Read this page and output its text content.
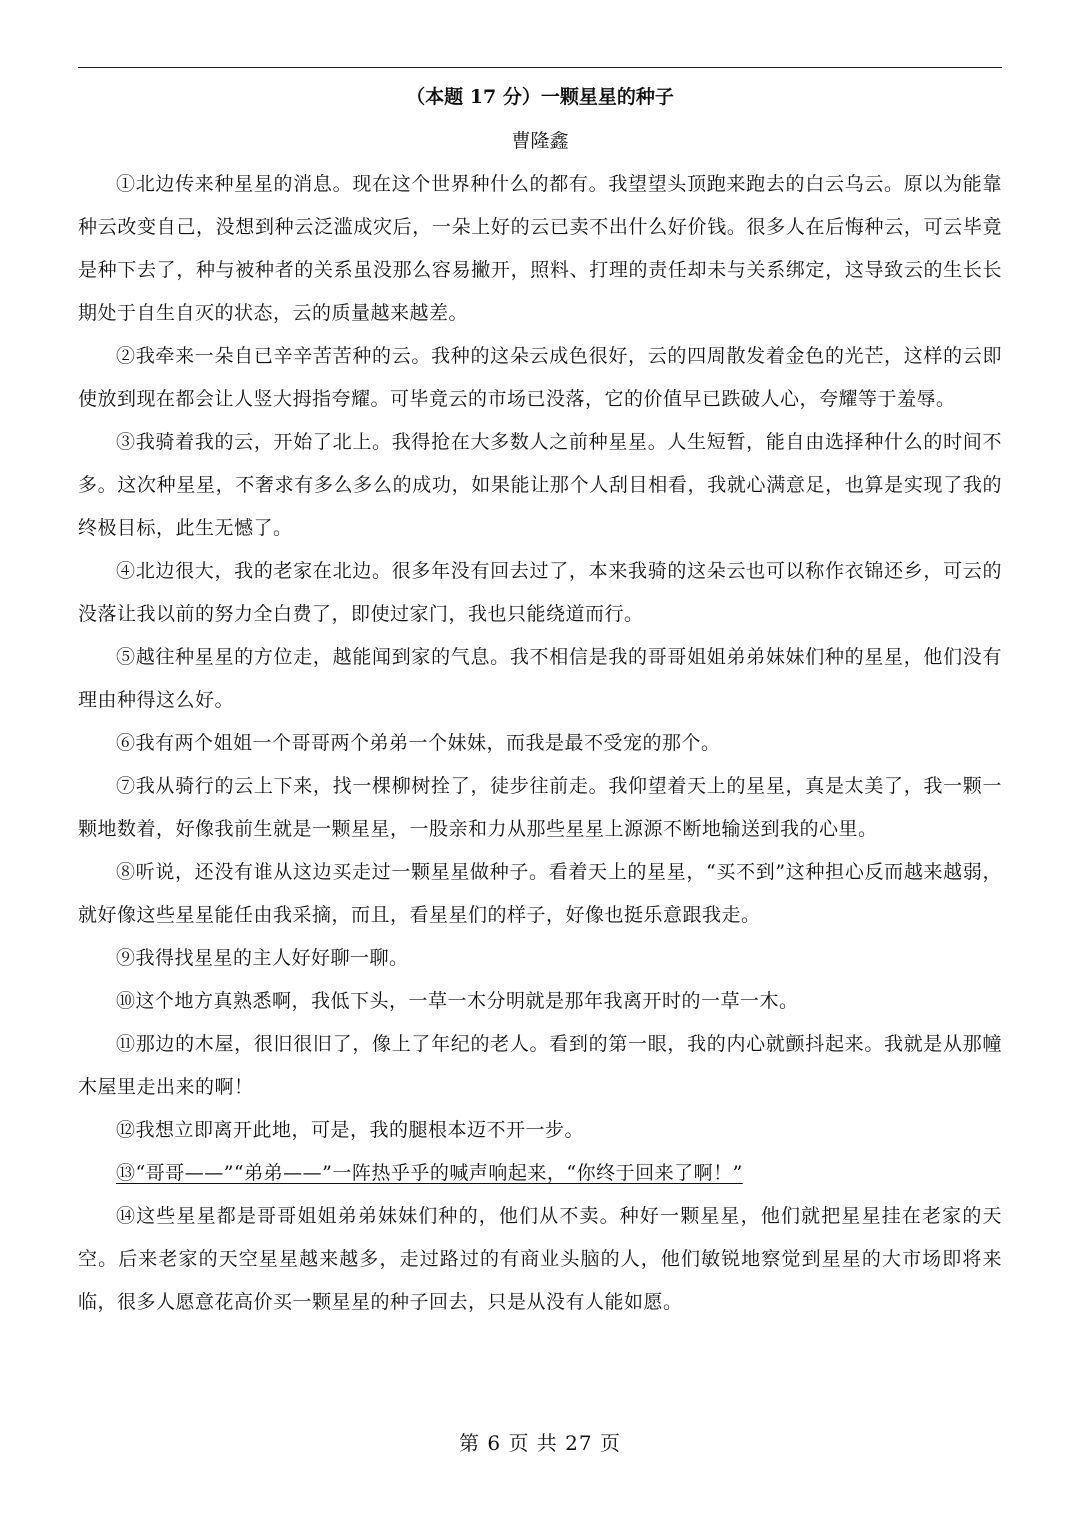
（本题 17 分）一颗星星的种子
曹隆鑫

①北边传来种星星的消息。现在这个世界种什么的都有。我望望头顶跑来跑去的白云乌云。原以为能靠种云改变自己，没想到种云泛滥成灾后，一朵上好的云已卖不出什么好价钱。很多人在后悔种云，可云毕竟是种下去了，种与被种者的关系虽没那么容易撇开，照料、打理的责任却未与关系绑定，这导致云的生长长期处于自生自灭的状态，云的质量越来越差。

②我牵来一朵自已辛辛苦苦种的云。我种的这朵云成色很好，云的四周散发着金色的光芒，这样的云即使放到现在都会让人竖大拇指夸耀。可毕竟云的市场已没落，它的价值早已跌破人心，夸耀等于羞辱。

③我骑着我的云，开始了北上。我得抢在大多数人之前种星星。人生短暂，能自由选择种什么的时间不多。这次种星星，不奢求有多么多么的成功，如果能让那个人刮目相看，我就心满意足，也算是实现了我的终极目标，此生无憾了。

④北边很大，我的老家在北边。很多年没有回去过了，本来我骑的这朵云也可以称作衣锦还乡，可云的没落让我以前的努力全白费了，即使过家门，我也只能绕道而行。

⑤越往种星星的方位走，越能闻到家的气息。我不相信是我的哥哥姐姐弟弟妹妹们种的星星，他们没有理由种得这么好。

⑥我有两个姐姐一个哥哥两个弟弟一个妹妹，而我是最不受宠的那个。

⑦我从骑行的云上下来，找一棵柳树拴了，徒步往前走。我仰望着天上的星星，真是太美了，我一颗一颗地数着，好像我前生就是一颗星星，一股亲和力从那些星星上源源不断地输送到我的心里。

⑧听说，还没有谁从这边买走过一颗星星做种子。看着天上的星星，“买不到”这种担心反而越来越弱，就好像这些星星能任由我采摘，而且，看星星们的样子，好像也挺乐意跟我走。

⑨我得找星星的主人好好聊一聊。

⑩这个地方真熟悉啊，我低下头，一草一木分明就是那年我离开时的一草一木。

⑪那边的木屋，很旧很旧了，像上了年纪的老人。看到的第一眼，我的内心就颤抖起来。我就是从那幢木屋里走出来的啊！

⑫我想立即离开此地，可是，我的腿根本迈不开一步。

⑬“哥哥——”“弟弟——”一阵热乎乎的喊声响起来，“你终于回来了啊！”

⑭这些星星都是哥哥姐姐弟弟妹妹们种的，他们从不卖。种好一颗星星，他们就把星星挂在老家的天空。后来老家的天空星星越来越多，走过路过的有商业头脑的人，他们敏锐地察觉到星星的大市场即将来临，很多人愿意花高价买一颗星星的种子回去，只是从没有人能如愿。

第 6 页 共 27 页
